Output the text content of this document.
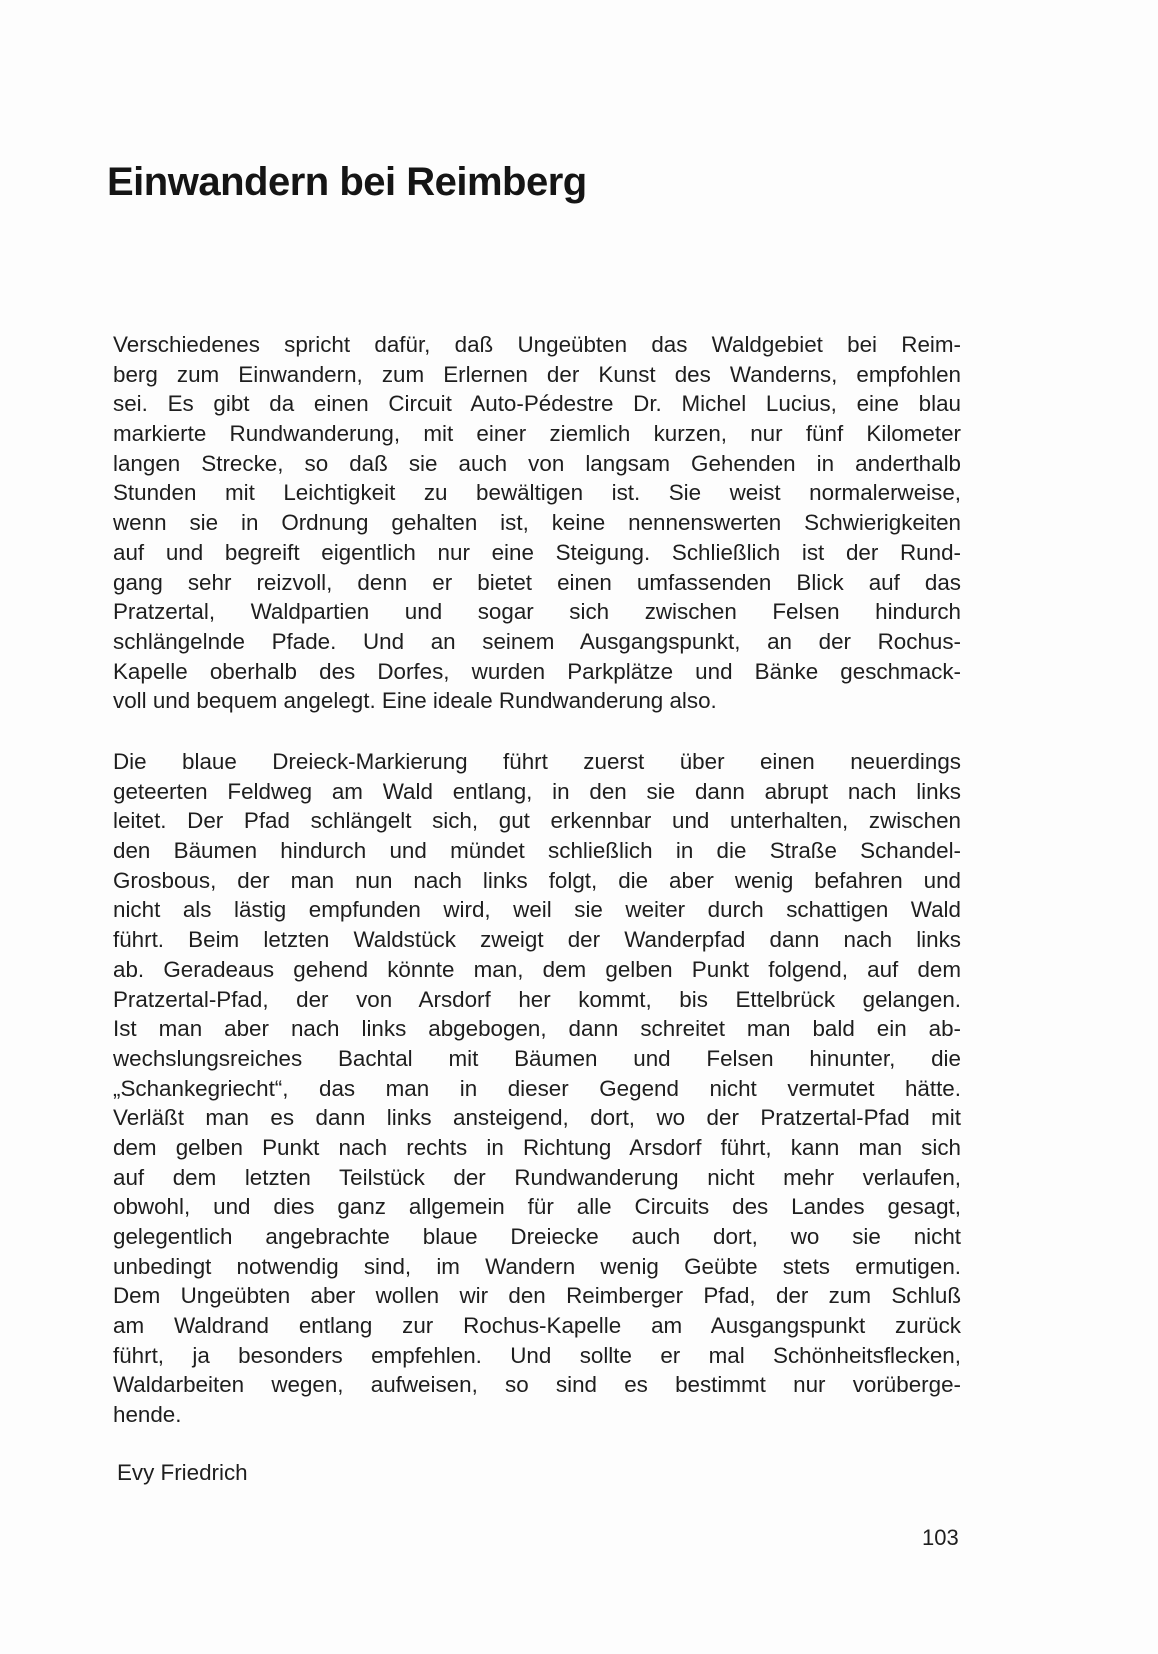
Einwandern bei Reimberg
Verschiedenes spricht dafür, daß Ungeübten das Waldgebiet bei Reim-
berg zum Einwandern, zum Erlernen der Kunst des Wanderns, empfohlen
sei. Es gibt da einen Circuit Auto-Pédestre Dr. Michel Lucius, eine blau
markierte Rundwanderung, mit einer ziemlich kurzen, nur fünf Kilometer
langen Strecke, so daß sie auch von langsam Gehenden in anderthalb
Stunden mit Leichtigkeit zu bewältigen ist. Sie weist normalerweise,
wenn sie in Ordnung gehalten ist, keine nennenswerten Schwierigkeiten
auf und begreift eigentlich nur eine Steigung. Schließlich ist der Rund-
gang sehr reizvoll, denn er bietet einen umfassenden Blick auf das
Pratzertal, Waldpartien und sogar sich zwischen Felsen hindurch
schlängelnde Pfade. Und an seinem Ausgangspunkt, an der Rochus-
Kapelle oberhalb des Dorfes, wurden Parkplätze und Bänke geschmack-
voll und bequem angelegt. Eine ideale Rundwanderung also.
Die blaue Dreieck-Markierung führt zuerst über einen neuerdings
geteerten Feldweg am Wald entlang, in den sie dann abrupt nach links
leitet. Der Pfad schlängelt sich, gut erkennbar und unterhalten, zwischen
den Bäumen hindurch und mündet schließlich in die Straße Schandel-
Grosbous, der man nun nach links folgt, die aber wenig befahren und
nicht als lästig empfunden wird, weil sie weiter durch schattigen Wald
führt. Beim letzten Waldstück zweigt der Wanderpfad dann nach links
ab. Geradeaus gehend könnte man, dem gelben Punkt folgend, auf dem
Pratzertal-Pfad, der von Arsdorf her kommt, bis Ettelbrück gelangen.
Ist man aber nach links abgebogen, dann schreitet man bald ein ab-
wechslungsreiches Bachtal mit Bäumen und Felsen hinunter, die
„Schankegriecht“, das man in dieser Gegend nicht vermutet hätte.
Verläßt man es dann links ansteigend, dort, wo der Pratzertal-Pfad mit
dem gelben Punkt nach rechts in Richtung Arsdorf führt, kann man sich
auf dem letzten Teilstück der Rundwanderung nicht mehr verlaufen,
obwohl, und dies ganz allgemein für alle Circuits des Landes gesagt,
gelegentlich angebrachte blaue Dreiecke auch dort, wo sie nicht
unbedingt notwendig sind, im Wandern wenig Geübte stets ermutigen.
Dem Ungeübten aber wollen wir den Reimberger Pfad, der zum Schluß
am Waldrand entlang zur Rochus-Kapelle am Ausgangspunkt zurück
führt, ja besonders empfehlen. Und sollte er mal Schönheitsflecken,
Waldarbeiten wegen, aufweisen, so sind es bestimmt nur vorüberge-
hende.
Evy Friedrich
103
